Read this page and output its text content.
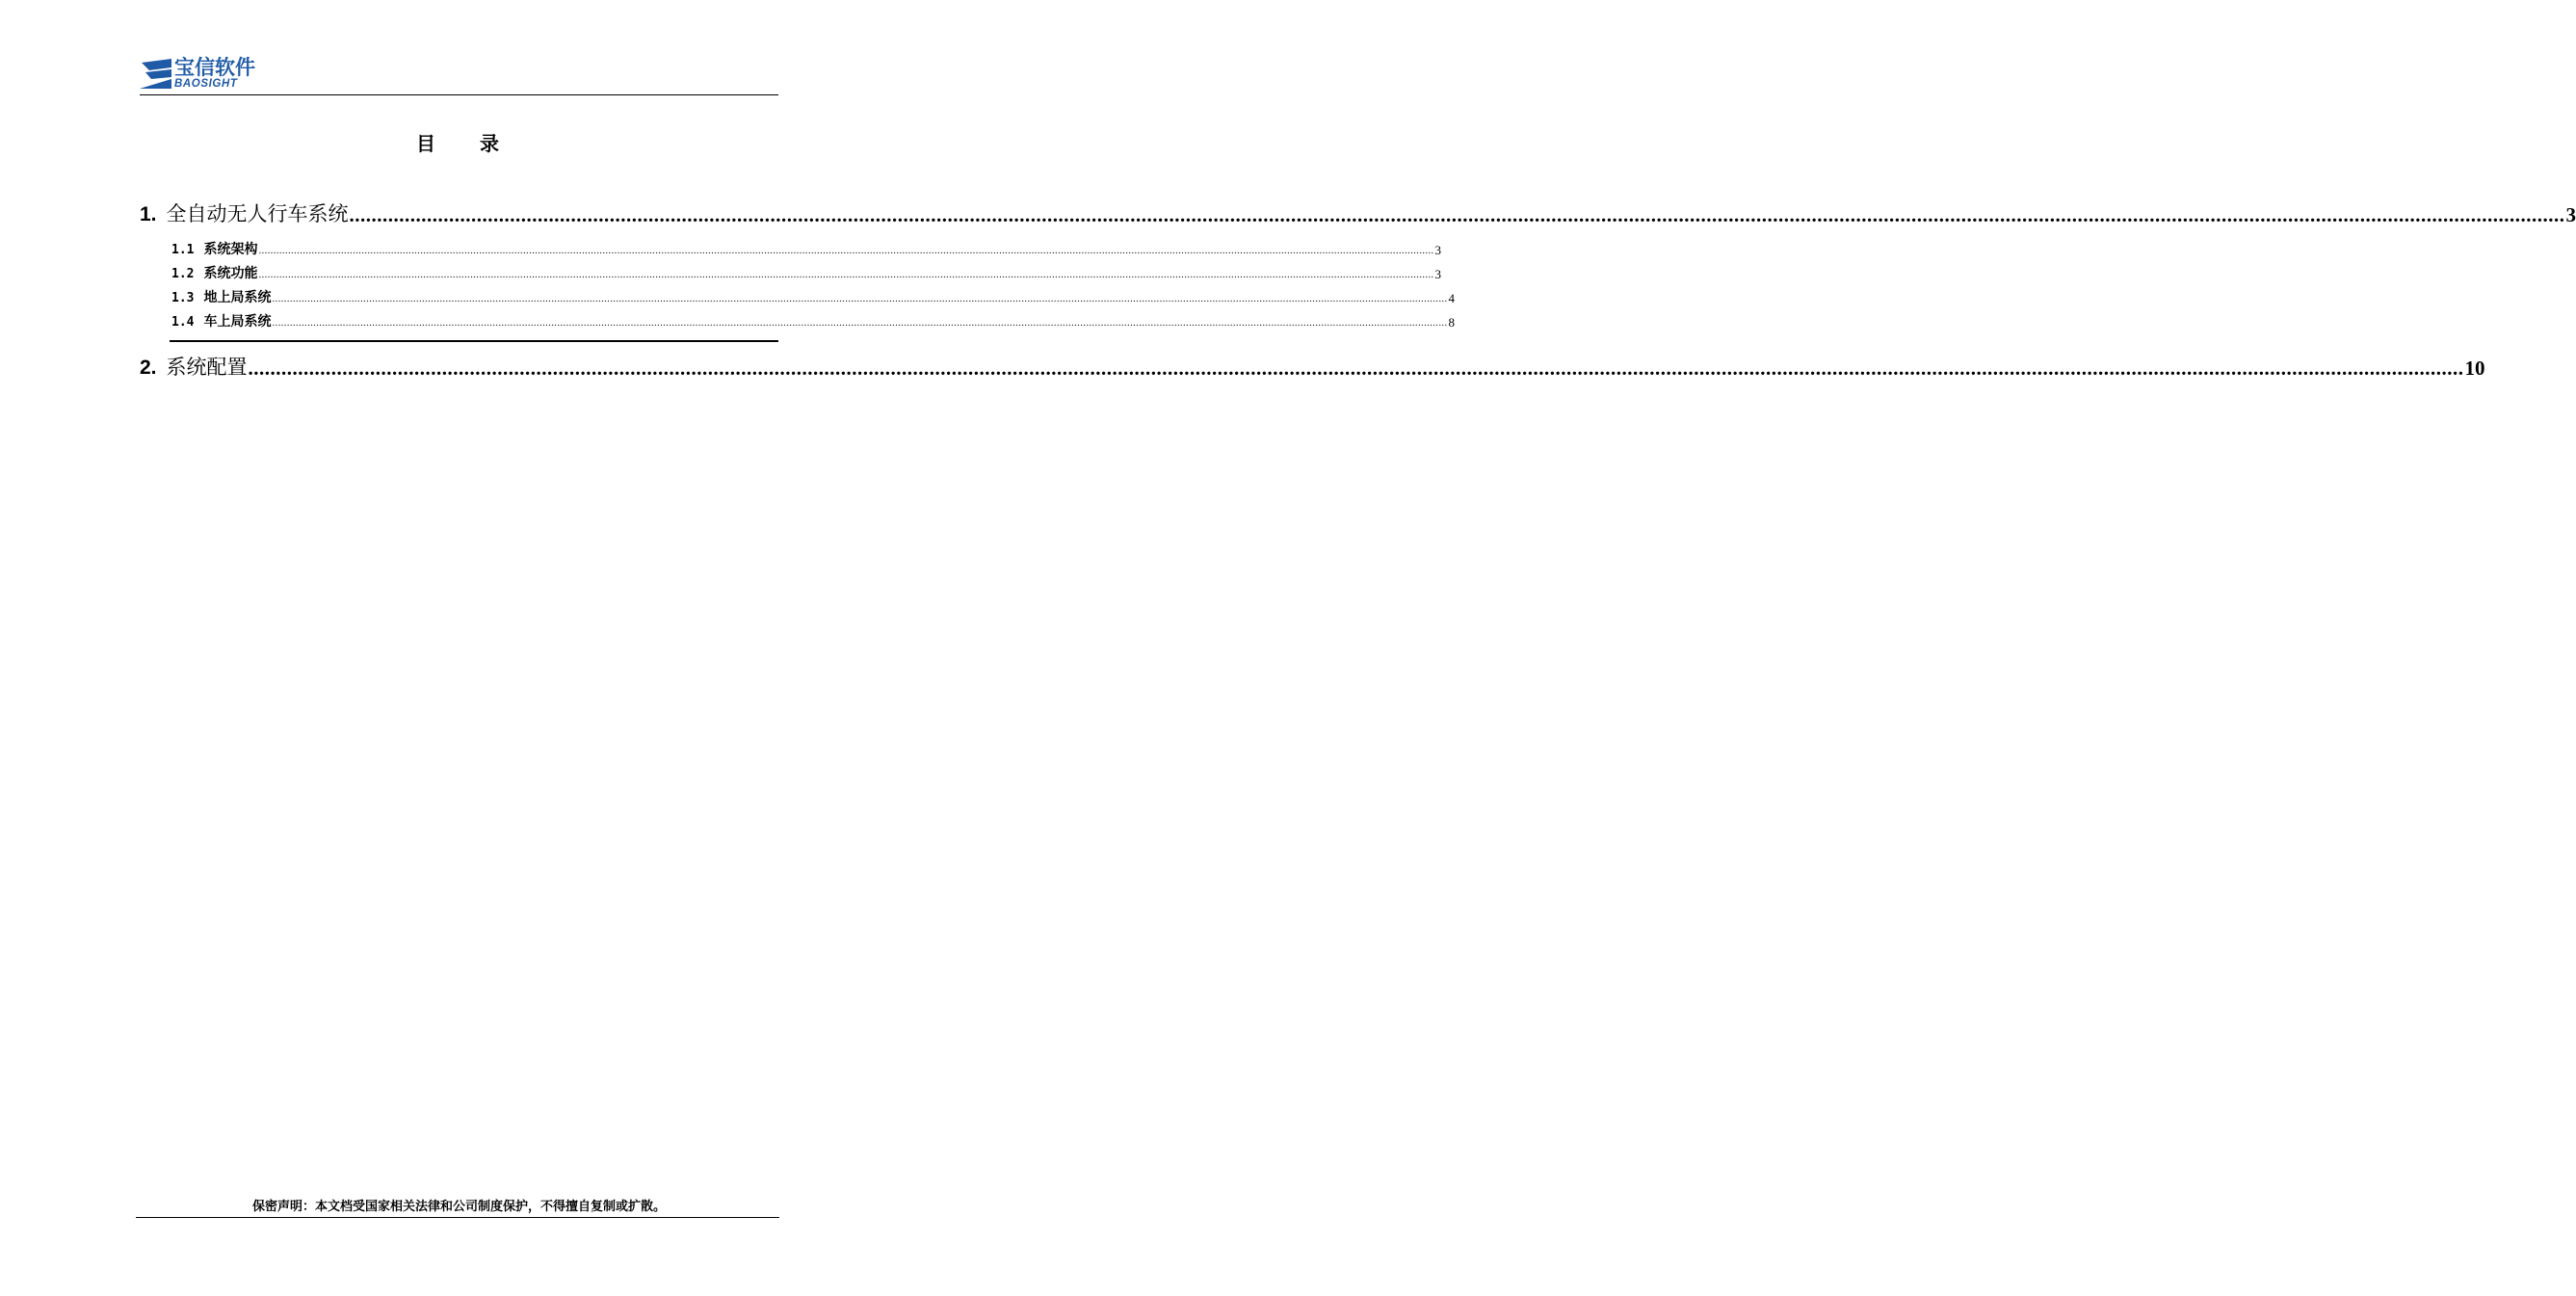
宝信软件
BAOSIGHT
目 录
1. 全自动无人行车系统 ................................................................................................................................................................................................................................................................................................................................................................................................................ 3
1.1 系统架构 ................................................................................................................................................................................................................................................................................................................................................................................................................ 3
1.2 系统功能 ................................................................................................................................................................................................................................................................................................................................................................................................................ 3
1.3 地上局系统 ................................................................................................................................................................................................................................................................................................................................................................................................................ 4
1.4 车上局系统 ................................................................................................................................................................................................................................................................................................................................................................................................................ 8
2. 系统配置 ................................................................................................................................................................................................................................................................................................................................................................................................................ 10
保密声明：本文档受国家相关法律和公司制度保护，不得擅自复制或扩散。
